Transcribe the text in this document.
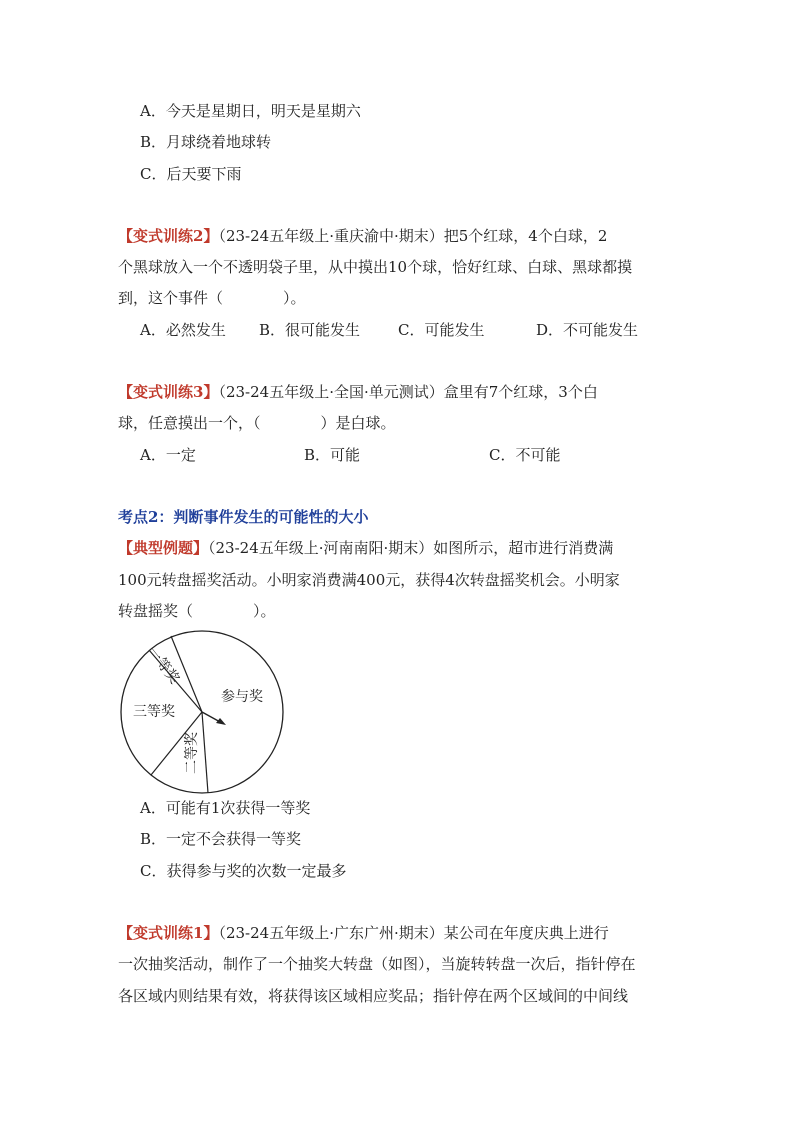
A．今天是星期日，明天是星期六
B．月球绕着地球转
C．后天要下雨
【变式训练2】（23-24五年级上·重庆渝中·期末）把5个红球，4个白球，2
个黑球放入一个不透明袋子里，从中摸出10个球，恰好红球、白球、黑球都摸
到，这个事件（　　　　）。
A．必然发生 B．很可能发生	C．可能发生	D．不可能发生
【变式训练3】（23-24五年级上·全国·单元测试）盒里有7个红球，3个白
球，任意摸出一个，（　　　　）是白球。
A．一定	B．可能	C．不可能
考点2：判断事件发生的可能性的大小
【典型例题】（23-24五年级上·河南南阳·期末）如图所示，超市进行消费满
100元转盘摇奖活动。小明家消费满400元，获得4次转盘摇奖机会。小明家
转盘摇奖（　　　　）。
一等奖
参与奖
二等奖
三等奖
A．可能有1次获得一等奖
B．一定不会获得一等奖
C．获得参与奖的次数一定最多
【变式训练1】（23-24五年级上·广东广州·期末）某公司在年度庆典上进行
一次抽奖活动，制作了一个抽奖大转盘（如图），当旋转转盘一次后，指针停在
各区域内则结果有效，将获得该区域相应奖品；指针停在两个区域间的中间线
